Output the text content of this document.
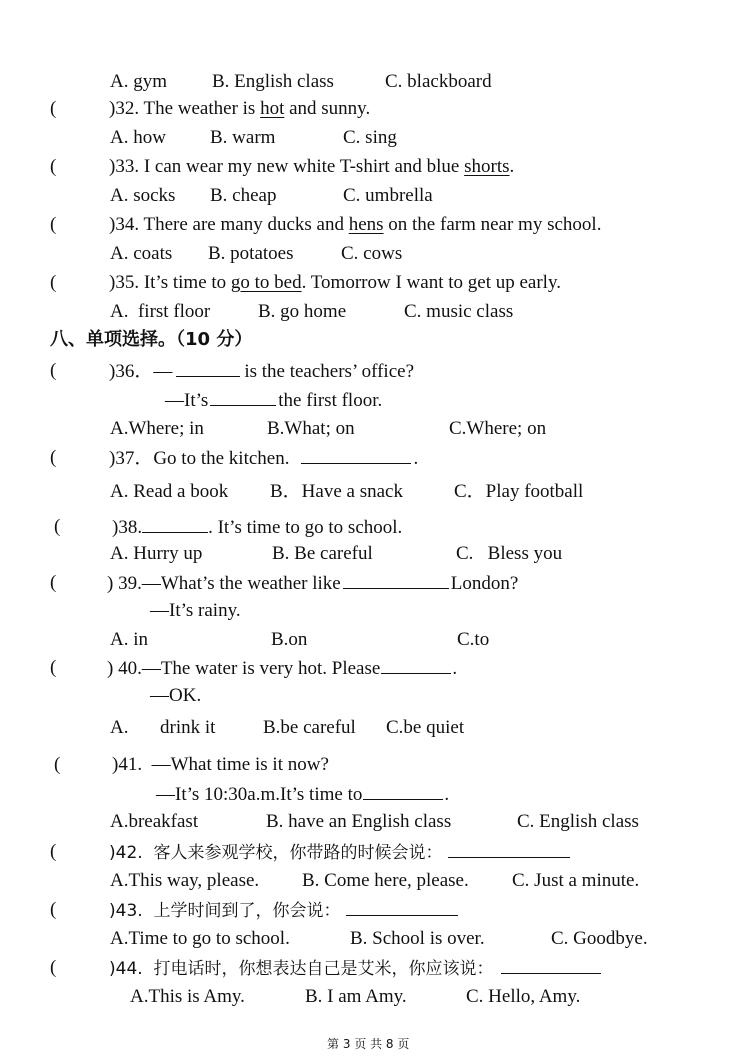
A. gym B. English class	C. blackboard
(	)32. The weather is hot and sunny.
A. how B. warm	C. sing
(	)33. I can wear my new white T-shirt and blue shorts.
A. socks B. cheap	C. umbrella
(	)34. There are many ducks and hens on the farm near my school.
A. coats B. potatoes	C. cows
(	)35. It’s time to go to bed. Tomorrow I want to get up early.
A.  first floor	B. go home	C. music class
八、单项选择。（10 分）
(	)36．—	is the teachers’ office?
—It’s	the first floor.
A.Where; in	B.What; on	C.Where; on
(	)37．Go to the kitchen.	.
A. Read a book B．Have a snack	C．Play football
(	)38.	. It’s time to go to school.
A. Hurry up	B. Be careful	C.   Bless you
(	) 39.—What’s the weather like	London?
—It’s rainy.
A. in	B.on	C.to
(	) 40.—The water is very hot. Please	.
—OK.
A. drink it	B.be careful C.be quiet
(	)41.  —What time is it now?
—It’s 10:30a.m.It’s time to	.
A.breakfast	B. have an English class	C. English class
(	)42.  客人来参观学校，你带路的时候会说：
A.This way, please. B. Come here, please. C. Just a minute.
(	)43.  上学时间到了，你会说：
A.Time to go to school.	B. School is over.	C. Goodbye.
(	)44.  打电话时，你想表达自己是艾米，你应该说：
A.This is Amy.	B. I am Amy.	C. Hello, Amy.
第 3 页 共 8 页
